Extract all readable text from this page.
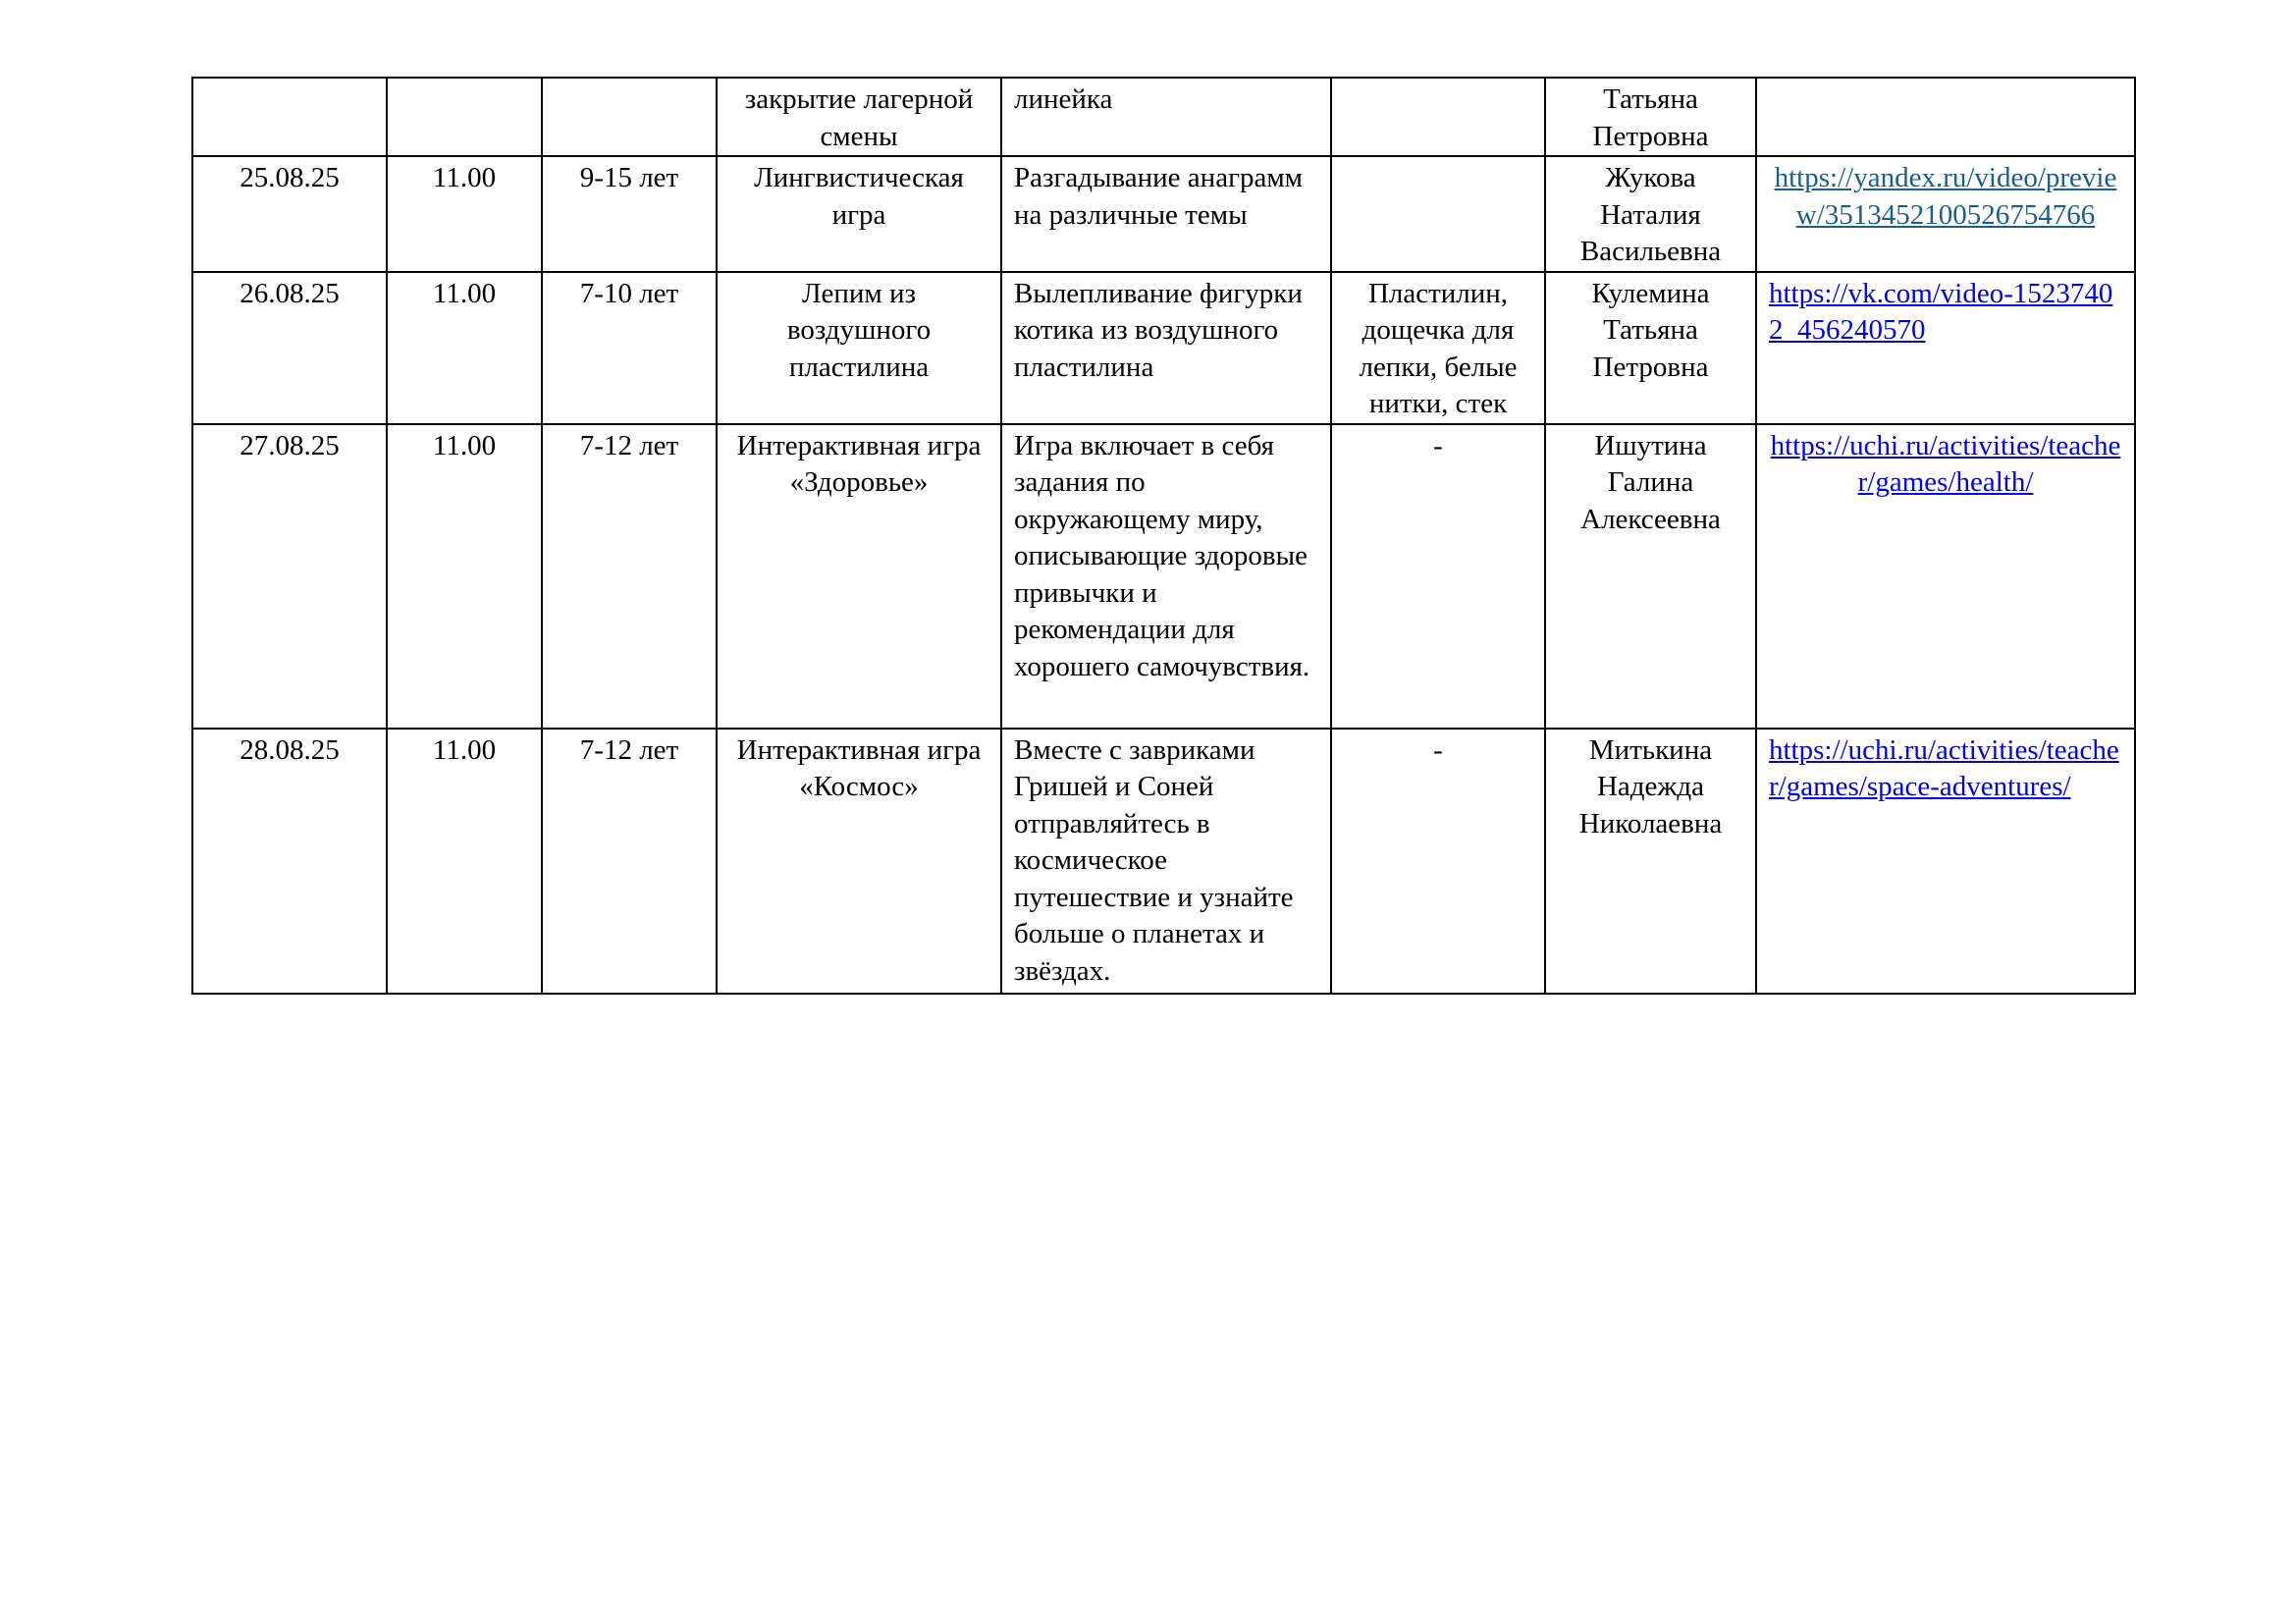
			закрытие лагерной смены	линейка		Татьяна Петровна	
25.08.25	11.00	9-15 лет	Лингвистическая игра	Разгадывание анаграмм на различные темы		Жукова Наталия Васильевна	https://yandex.ru/video/preview/3513452100526754766
26.08.25	11.00	7-10 лет	Лепим из воздушного пластилина	Вылепливание фигурки котика из воздушного пластилина	Пластилин, дощечка для лепки, белые нитки, стек	Кулемина Татьяна Петровна	https://vk.com/video-15237402_456240570
27.08.25	11.00	7-12 лет	Интерактивная игра «Здоровье»	Игра включает в себя задания по окружающему миру, описывающие здоровые привычки и рекомендации для хорошего самочувствия.	-	Ишутина Галина Алексеевна	https://uchi.ru/activities/teacher/games/health/
28.08.25	11.00	7-12 лет	Интерактивная игра «Космос»	Вместе с завриками Гришей и Соней отправляйтесь в космическое путешествие и узнайте больше о планетах и звёздах.	-	Митькина Надежда Николаевна	https://uchi.ru/activities/teacher/games/space-adventures/
